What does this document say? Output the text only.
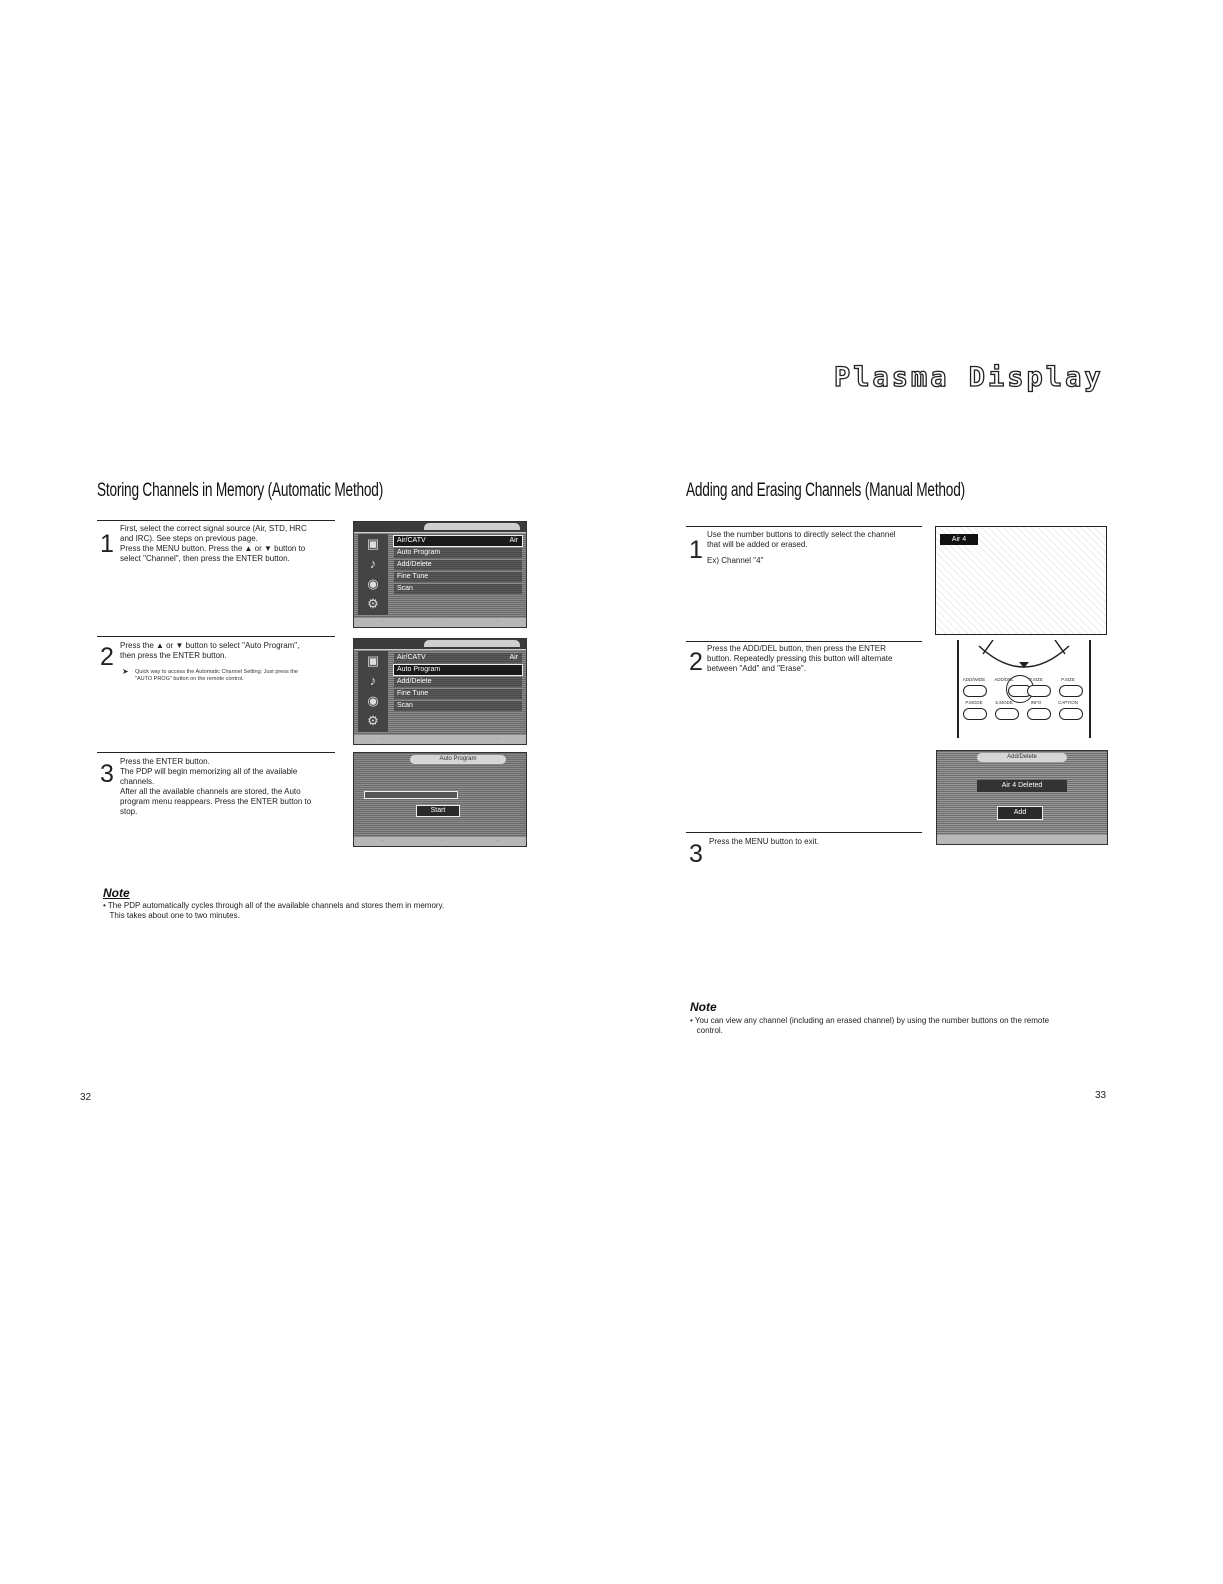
Plasma Display
Storing Channels in Memory (Automatic Method)
1
First, select the correct signal source (Air, STD, HRC
and IRC). See steps on previous page.
Press the MENU button. Press the ▲ or ▼ button to
select "Channel", then press the ENTER button.
▣
♪
◉
⚙
Air/CATV	Air
Auto Program
Add/Delete
Fine Tune
Scan
·	·	·
2 Press the ▲ or ▼ button to select "Auto Program",
then press the ENTER button.
➤ Quick way to access the Automatic Channel Setting: Just press the
"AUTO PROG" button on the remote control.
▣
♪
◉
⚙
Air/CATV	Air
Auto Program
Add/Delete
Fine Tune
Scan
·	·	·
3 Press the ENTER button.
The PDP will begin memorizing all of the available
channels.
After all the available channels are stored, the Auto
program menu reappears. Press the ENTER button to
stop.
Auto Program
Start
·	·	·
Note
• The PDP automatically cycles through all of the available channels and stores them in memory.
This takes about one to two minutes.
32
Adding and Erasing Channels (Manual Method)
1
Use the number buttons to directly select the channel
that will be added or erased.
Ex) Channel "4"
Air 4
2 Press the ADD/DEL button, then press the ENTER
button. Repeatedly pressing this button will alternate
between "Add" and "Erase".
ADD/WIDE	ADD/DEL	P.SIZE	P.SIZE
P.MODE	S.MODE	INFO	CAPTION
Add/Delete
Air 4 Deleted
Add
3 Press the MENU button to exit.
Note
• You can view any channel (including an erased channel) by using the number buttons on the remote
control.
33
